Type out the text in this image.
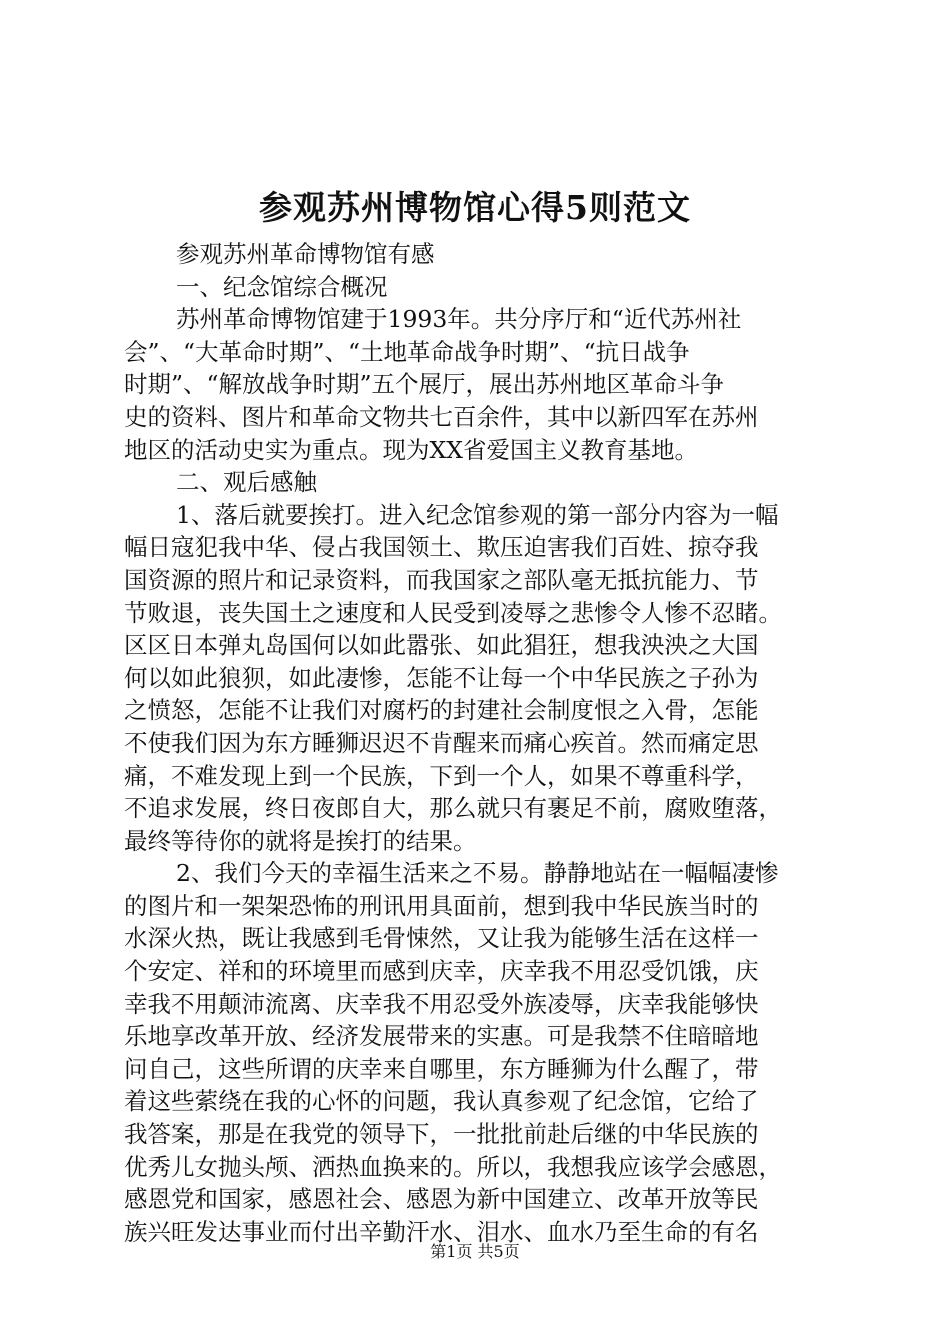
参观苏州博物馆心得5则范文
参观苏州革命博物馆有感
一、纪念馆综合概况
苏州革命博物馆建于1993年。共分序厅和“近代苏州社
会”、“大革命时期”、“土地革命战争时期”、“抗日战争
时期”、“解放战争时期”五个展厅，展出苏州地区革命斗争
史的资料、图片和革命文物共七百余件，其中以新四军在苏州
地区的活动史实为重点。现为XX省爱国主义教育基地。
二、观后感触
1、落后就要挨打。进入纪念馆参观的第一部分内容为一幅
幅日寇犯我中华、侵占我国领土、欺压迫害我们百姓、掠夺我
国资源的照片和记录资料，而我国家之部队毫无抵抗能力、节
节败退，丧失国土之速度和人民受到凌辱之悲惨令人惨不忍睹。
区区日本弹丸岛国何以如此嚣张、如此猖狂，想我泱泱之大国
何以如此狼狈，如此凄惨，怎能不让每一个中华民族之子孙为
之愤怒，怎能不让我们对腐朽的封建社会制度恨之入骨，怎能
不使我们因为东方睡狮迟迟不肯醒来而痛心疾首。然而痛定思
痛，不难发现上到一个民族，下到一个人，如果不尊重科学，
不追求发展，终日夜郎自大，那么就只有裹足不前，腐败堕落，
最终等待你的就将是挨打的结果。
2、我们今天的幸福生活来之不易。静静地站在一幅幅凄惨
的图片和一架架恐怖的刑讯用具面前，想到我中华民族当时的
水深火热，既让我感到毛骨悚然，又让我为能够生活在这样一
个安定、祥和的环境里而感到庆幸，庆幸我不用忍受饥饿，庆
幸我不用颠沛流离、庆幸我不用忍受外族凌辱，庆幸我能够快
乐地享改革开放、经济发展带来的实惠。可是我禁不住暗暗地
问自己，这些所谓的庆幸来自哪里，东方睡狮为什么醒了，带
着这些萦绕在我的心怀的问题，我认真参观了纪念馆，它给了
我答案，那是在我党的领导下，一批批前赴后继的中华民族的
优秀儿女抛头颅、洒热血换来的。所以，我想我应该学会感恩，
感恩党和国家，感恩社会、感恩为新中国建立、改革开放等民
族兴旺发达事业而付出辛勤汗水、泪水、血水乃至生命的有名
第1页 共5页
